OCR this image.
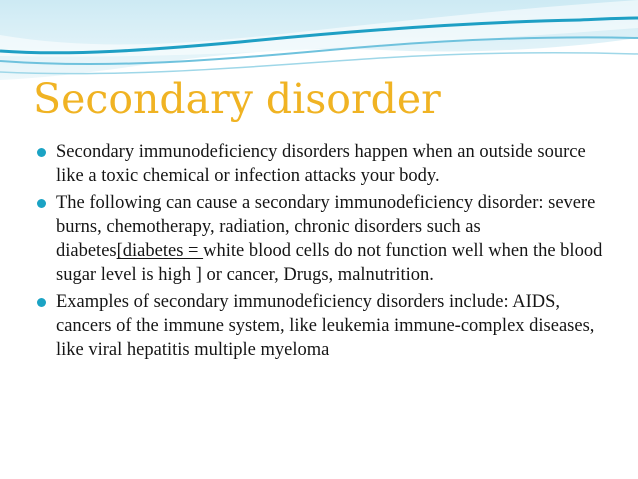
Secondary disorder
Secondary immunodeficiency disorders happen when an outside source like a toxic chemical or infection attacks your body.
The following can cause a secondary immunodeficiency disorder: severe burns, chemotherapy, radiation, chronic disorders such as diabetes[diabetes = white blood cells do not function well when the blood sugar level is high ] or cancer, Drugs, malnutrition.
Examples of secondary immunodeficiency disorders include: AIDS, cancers of the immune system, like leukemia immune-complex diseases, like viral hepatitis multiple myeloma
